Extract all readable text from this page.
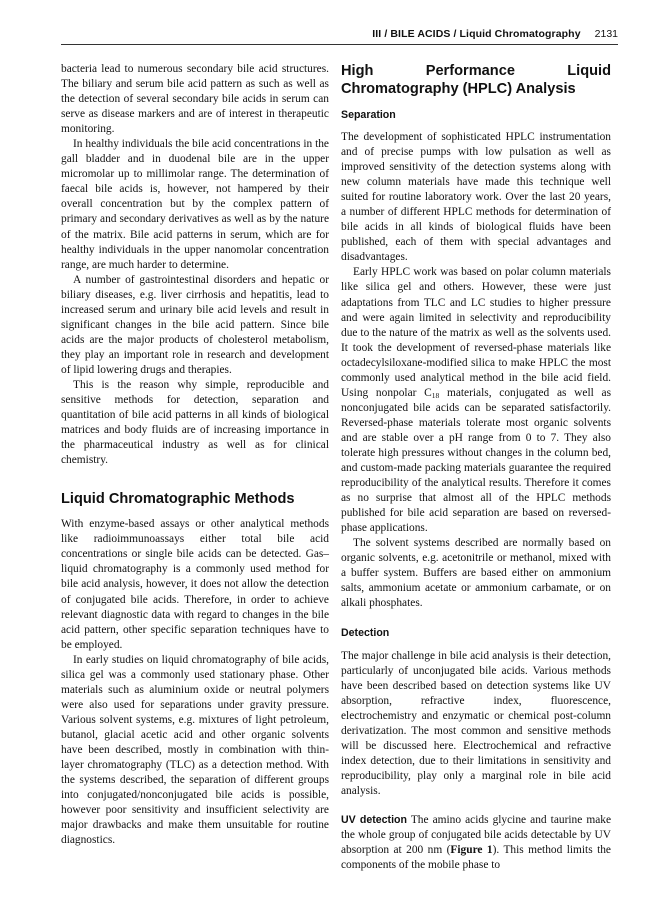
III / BILE ACIDS / Liquid Chromatography 2131

bacteria lead to numerous secondary bile acid structures. The biliary and serum bile acid pattern as such as well as the detection of several secondary bile acids in serum can serve as disease markers and are of interest in therapeutic monitoring.

In healthy individuals the bile acid concentrations in the gall bladder and in duodenal bile are in the upper micromolar up to millimolar range. The determination of faecal bile acids is, however, not hampered by their overall concentration but by the complex pattern of primary and secondary derivatives as well as by the nature of the matrix. Bile acid patterns in serum, which are for healthy individuals in the upper nanomolar concentration range, are much harder to determine.

A number of gastrointestinal disorders and hepatic or biliary diseases, e.g. liver cirrhosis and hepatitis, lead to increased serum and urinary bile acid levels and result in significant changes in the bile acid pattern. Since bile acids are the major products of cholesterol metabolism, they play an important role in research and development of lipid lowering drugs and therapies.

This is the reason why simple, reproducible and sensitive methods for detection, separation and quantitation of bile acid patterns in all kinds of biological matrices and body fluids are of increasing importance in the pharmaceutical industry as well as for clinical chemistry.

Liquid Chromatographic Methods

With enzyme-based assays or other analytical methods like radioimmunoassays either total bile acid concentrations or single bile acids can be detected. Gas–liquid chromatography is a commonly used method for bile acid analysis, however, it does not allow the detection of conjugated bile acids. Therefore, in order to achieve relevant diagnostic data with regard to changes in the bile acid pattern, other specific separation techniques have to be employed.

In early studies on liquid chromatography of bile acids, silica gel was a commonly used stationary phase. Other materials such as aluminium oxide or neutral polymers were also used for separations under gravity pressure. Various solvent systems, e.g. mixtures of light petroleum, butanol, glacial acetic acid and other organic solvents have been described, mostly in combination with thin-layer chromatography (TLC) as a detection method. With the systems described, the separation of different groups into conjugated/nonconjugated bile acids is possible, however poor sensitivity and insufficient selectivity are major drawbacks and make them unsuitable for routine diagnostics.

High Performance Liquid Chromatography (HPLC) Analysis
Separation

The development of sophisticated HPLC instrumentation and of precise pumps with low pulsation as well as improved sensitivity of the detection systems along with new column materials have made this technique well suited for routine laboratory work. Over the last 20 years, a number of different HPLC methods for determination of bile acids in all kinds of biological fluids have been published, each of them with special advantages and disadvantages.

Early HPLC work was based on polar column materials like silica gel and others. However, these were just adaptations from TLC and LC studies to higher pressure and were again limited in selectivity and reproducibility due to the nature of the matrix as well as the solvents used. It took the development of reversed-phase materials like octadecylsiloxane-modified silica to make HPLC the most commonly used analytical method in the bile acid field. Using nonpolar $C_{18}$ materials, conjugated as well as nonconjugated bile acids can be separated satisfactorily. Reversed-phase materials tolerate most organic solvents and are stable over a pH range from 0 to 7. They also tolerate high pressures without changes in the column bed, and custom-made packing materials guarantee the required reproducibility of the analytical results. Therefore it comes as no surprise that almost all of the HPLC methods published for bile acid separation are based on reversed-phase applications.

The solvent systems described are normally based on organic solvents, e.g. acetonitrile or methanol, mixed with a buffer system. Buffers are based either on ammonium salts, ammonium acetate or ammonium carbamate, or on alkali phosphates.

Detection

The major challenge in bile acid analysis is their detection, particularly of unconjugated bile acids. Various methods have been described based on detection systems like UV absorption, refractive index, fluorescence, electrochemistry and enzymatic or chemical post-column derivatization. The most common and sensitive methods will be discussed here. Electrochemical and refractive index detection, due to their limitations in sensitivity and reproducibility, play only a marginal role in bile acid analysis.

UV detection The amino acids glycine and taurine make the whole group of conjugated bile acids detectable by UV absorption at 200 nm (Figure 1). This method limits the components of the mobile phase to
